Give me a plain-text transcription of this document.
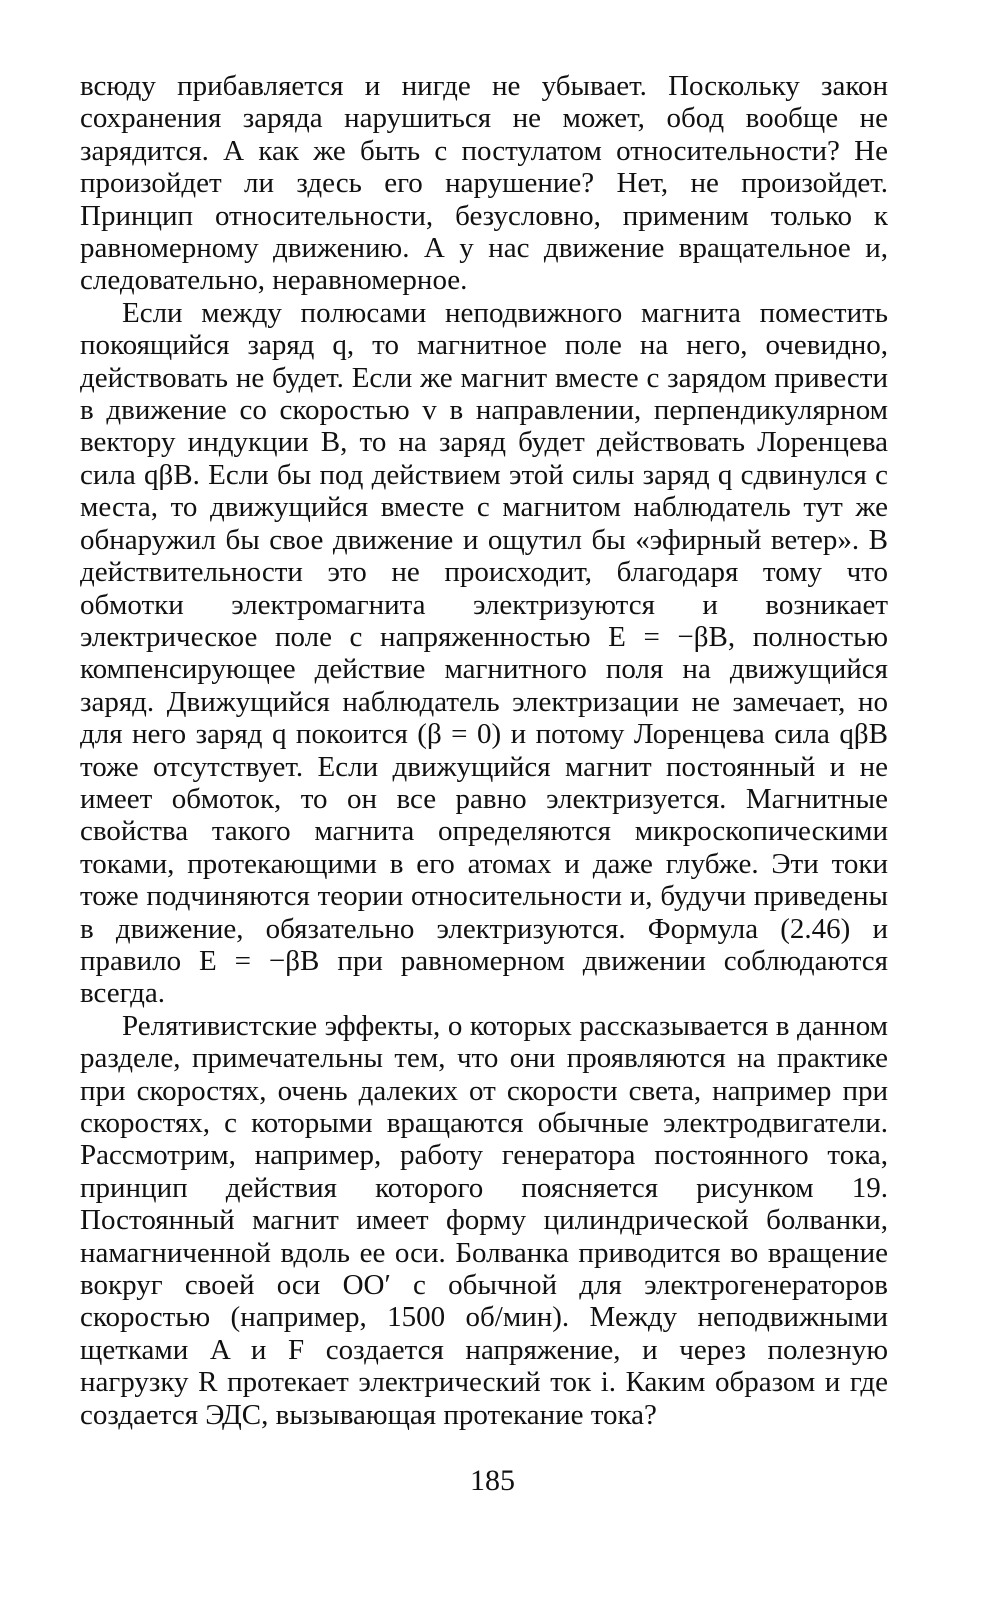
всюду прибавляется и нигде не убывает. Поскольку закон сохранения заряда нарушиться не может, обод вообще не зарядится. А как же быть с постулатом относительности? Не произойдет ли здесь его нарушение? Нет, не произойдет. Принцип относительности, безусловно, применим только к равномерному движению. А у нас движение вращательное и, следовательно, неравномерное.

Если между полюсами неподвижного магнита поместить покоящийся заряд q, то магнитное поле на него, очевидно, действовать не будет. Если же магнит вместе с зарядом привести в движение со скоростью v в направлении, перпендикулярном вектору индукции B, то на заряд будет действовать Лоренцева сила qβB. Если бы под действием этой силы заряд q сдвинулся с места, то движущийся вместе с магнитом наблюдатель тут же обнаружил бы свое движение и ощутил бы «эфирный ветер». В действительности это не происходит, благодаря тому что обмотки электромагнита электризуются и возникает электрическое поле с напряженностью E = −βB, полностью компенсирующее действие магнитного поля на движущийся заряд. Движущийся наблюдатель электризации не замечает, но для него заряд q покоится (β = 0) и потому Лоренцева сила qβB тоже отсутствует. Если движущийся магнит постоянный и не имеет обмоток, то он все равно электризуется. Магнитные свойства такого магнита определяются микроскопическими токами, протекающими в его атомах и даже глубже. Эти токи тоже подчиняются теории относительности и, будучи приведены в движение, обязательно электризуются. Формула (2.46) и правило E = −βB при равномерном движении соблюдаются всегда.

Релятивистские эффекты, о которых рассказывается в данном разделе, примечательны тем, что они проявляются на практике при скоростях, очень далеких от скорости света, например при скоростях, с которыми вращаются обычные электродвигатели. Рассмотрим, например, работу генератора постоянного тока, принцип действия которого поясняется рисунком 19. Постоянный магнит имеет форму цилиндрической болванки, намагниченной вдоль ее оси. Болванка приводится во вращение вокруг своей оси OO′ с обычной для электрогенераторов скоростью (например, 1500 об/мин). Между неподвижными щетками A и F создается напряжение, и через полезную нагрузку R протекает электрический ток i. Каким образом и где создается ЭДС, вызывающая протекание тока?

185
